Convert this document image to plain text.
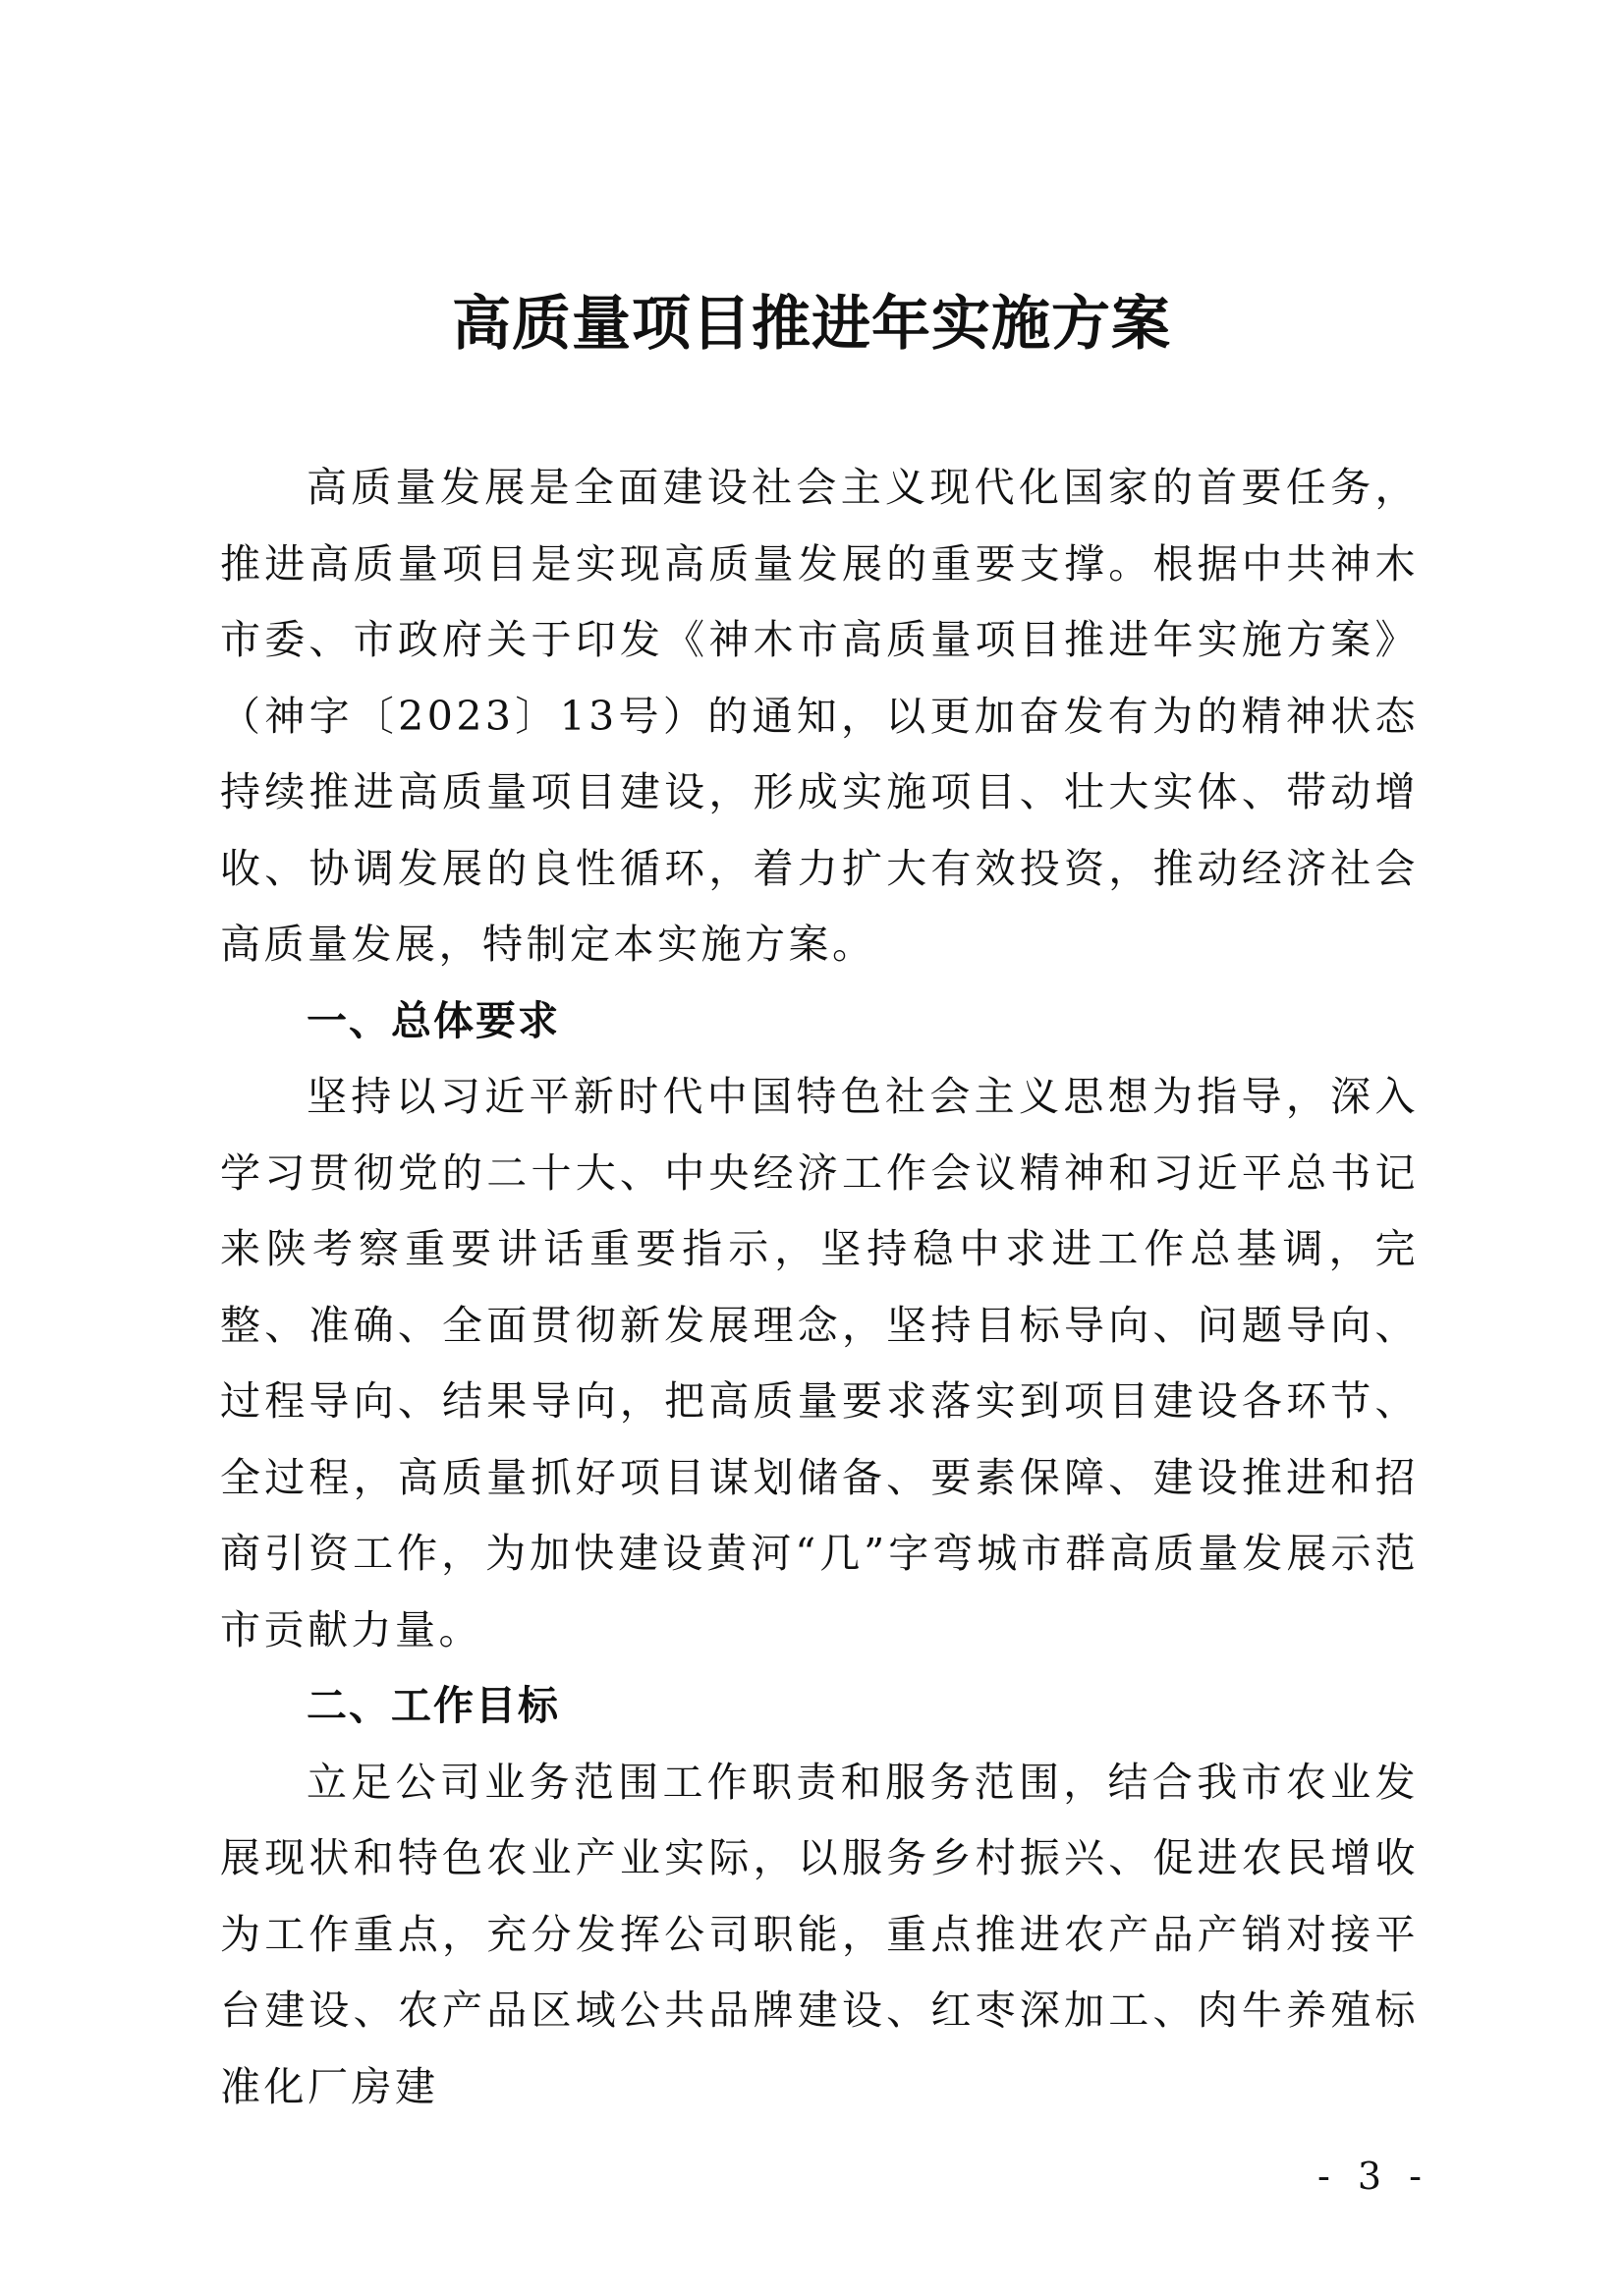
高质量项目推进年实施方案

高质量发展是全面建设社会主义现代化国家的首要任务，推进高质量项目是实现高质量发展的重要支撑。根据中共神木市委、市政府关于印发《神木市高质量项目推进年实施方案》（神字〔2023〕13号）的通知，以更加奋发有为的精神状态持续推进高质量项目建设，形成实施项目、壮大实体、带动增收、协调发展的良性循环，着力扩大有效投资，推动经济社会高质量发展，特制定本实施方案。

一、总体要求

坚持以习近平新时代中国特色社会主义思想为指导，深入学习贯彻党的二十大、中央经济工作会议精神和习近平总书记来陕考察重要讲话重要指示，坚持稳中求进工作总基调，完整、准确、全面贯彻新发展理念，坚持目标导向、问题导向、过程导向、结果导向，把高质量要求落实到项目建设各环节、全过程，高质量抓好项目谋划储备、要素保障、建设推进和招商引资工作，为加快建设黄河“几”字弯城市群高质量发展示范市贡献力量。

二、工作目标

立足公司业务范围工作职责和服务范围，结合我市农业发展现状和特色农业产业实际，以服务乡村振兴、促进农民增收为工作重点，充分发挥公司职能，重点推进农产品产销对接平台建设、农产品区域公共品牌建设、红枣深加工、肉牛养殖标准化厂房建

- 3 -
